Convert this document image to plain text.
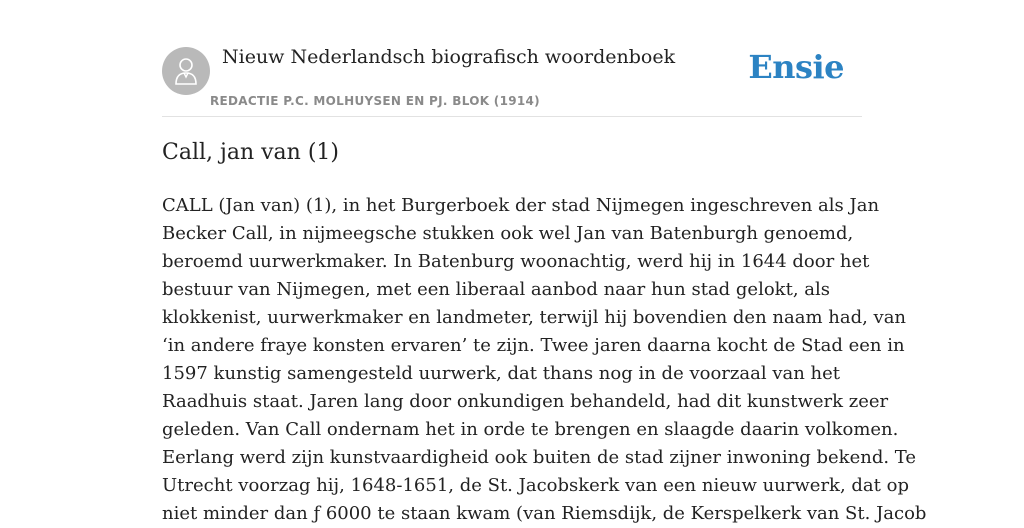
Nieuw Nederlandsch biografisch woordenboek
REDACTIE P.C. MOLHUYSEN EN PJ. BLOK (1914)
Ensie
Call, jan van (1)
CALL (Jan van) (1), in het Burgerboek der stad Nijmegen ingeschreven als Jan
Becker Call, in nijmeegsche stukken ook wel Jan van Batenburgh genoemd,
beroemd uurwerkmaker. In Batenburg woonachtig, werd hij in 1644 door het
bestuur van Nijmegen, met een liberaal aanbod naar hun stad gelokt, als
klokkenist, uurwerkmaker en landmeter, terwijl hij bovendien den naam had, van
‘in andere fraye konsten ervaren’ te zijn. Twee jaren daarna kocht de Stad een in
1597 kunstig samengesteld uurwerk, dat thans nog in de voorzaal van het
Raadhuis staat. Jaren lang door onkundigen behandeld, had dit kunstwerk zeer
geleden. Van Call ondernam het in orde te brengen en slaagde daarin volkomen.
Eerlang werd zijn kunstvaardigheid ook buiten de stad zijner inwoning bekend. Te
Utrecht voorzag hij, 1648-1651, de St. Jacobskerk van een nieuw uurwerk, dat op
niet minder dan ƒ 6000 te staan kwam (van Riemsdijk, de Kerspelkerk van St. Jacob
